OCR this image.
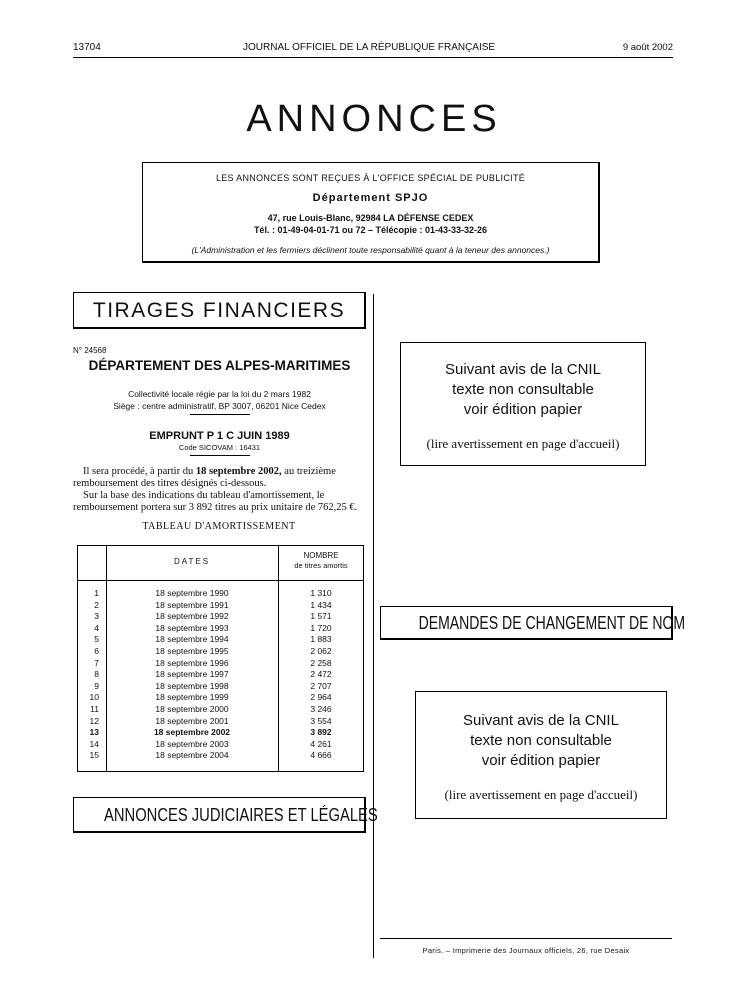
13704	JOURNAL OFFICIEL DE LA RÉPUBLIQUE FRANÇAISE	9 août 2002
ANNONCES
LES ANNONCES SONT REÇUES À L'OFFICE SPÉCIAL DE PUBLICITÉ
Département SPJO
47, rue Louis-Blanc, 92984 LA DÉFENSE CEDEX
Tél. : 01-49-04-01-71 ou 72 – Télécopie : 01-43-33-32-26
(L'Administration et les fermiers déclinent toute responsabilité quant à la teneur des annonces.)
TIRAGES FINANCIERS
N° 24568
DÉPARTEMENT DES ALPES-MARITIMES
Collectivité locale régie par la loi du 2 mars 1982
Siège : centre administratif, BP 3007, 06201 Nice Cedex
EMPRUNT P 1 C JUIN 1989
Code SICOVAM : 16431
Il sera procédé, à partir du 18 septembre 2002, au treizième
remboursement des titres désignés ci-dessous.
Sur la base des indications du tableau d'amortissement, le
remboursement portera sur 3 892 titres au prix unitaire de 762,25 €.
TABLEAU D'AMORTISSEMENT
DATES
NOMBRE
de titres amortis
1	18 septembre 1990	1 310
2	18 septembre 1991	1 434
3	18 septembre 1992	1 571
4	18 septembre 1993	1 720
5	18 septembre 1994	1 883
6	18 septembre 1995	2 062
7	18 septembre 1996	2 258
8	18 septembre 1997	2 472
9	18 septembre 1998	2 707
10	18 septembre 1999	2 964
11	18 septembre 2000	3 246
12	18 septembre 2001	3 554
13	18 septembre 2002	3 892
14	18 septembre 2003	4 261
15	18 septembre 2004	4 666
ANNONCES JUDICIAIRES ET LÉGALES
Suivant avis de la CNIL
texte non consultable
voir édition papier
(lire avertissement en page d'accueil)
DEMANDES DE CHANGEMENT DE NOM
Suivant avis de la CNIL
texte non consultable
voir édition papier
(lire avertissement en page d'accueil)
Paris. – Imprimerie des Journaux officiels, 26, rue Desaix
